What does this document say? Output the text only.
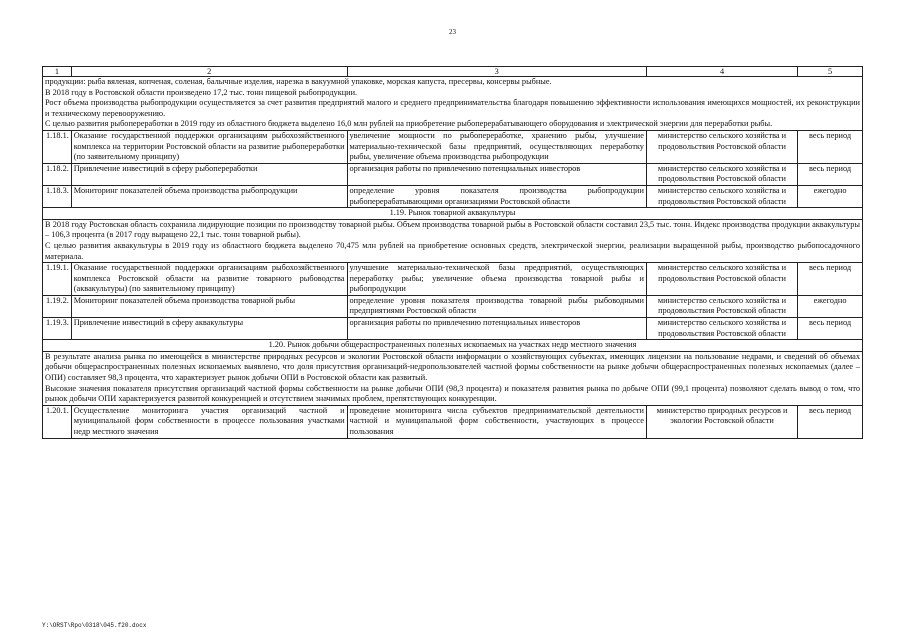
23
1	2	3	4	5

продукции: рыба вяленая, копченая, соленая, балычные изделия, нарезка в вакуумной упаковке, морская капуста, пресервы, консервы рыбные.

В 2018 году в Ростовской области произведено 17,2 тыс. тонн пищевой рыбопродукции.

Рост объема производства рыбопродукции осуществляется за счет развития предприятий малого и среднего предпринимательства благодаря повышению эффективности использования имеющихся мощностей, их реконструкции и техническому перевооружению.

С целью развития рыбопереработки в 2019 году из областного бюджета выделено 16,0 млн рублей на приобретение рыбоперерабатывающего оборудования и электрической энергии для переработки рыбы.				

1.18.1.	Оказание государственной поддержки организациям рыбохозяйственного комплекса на территории Ростовской области на развитие рыбопереработки (по заявительному принципу)	увеличение мощности по рыбопереработке, хранению рыбы, улучшение материально-технической базы предприятий, осуществляющих переработку рыбы, увеличение объема производства рыбопродукции	министерство сельского хозяйства и продовольствия Ростовской области	весь период
1.18.2.	Привлечение инвестиций в сферу рыбопереработки	организация работы по привлечению потенциальных инвесторов	министерство сельского хозяйства и продовольствия Ростовской области	весь период
1.18.3.	Мониторинг показателей объема производства рыбопродукции	определение уровня показателя производства рыбопродукции рыбоперерабатывающими организациями Ростовской области	министерство сельского хозяйства и продовольствия Ростовской области	ежегодно
1.19. Рынок товарной аквакультуры				

В 2018 году Ростовская область сохранила лидирующие позиции по производству товарной рыбы. Объем производства товарной рыбы в Ростовской области составил 23,5 тыс. тонн. Индекс производства продукции аквакультуры – 106,3 процента (в 2017 году выращено 22,1 тыс. тонн товарной рыбы).

С целью развития аквакультуры в 2019 году из областного бюджета выделено 70,475 млн рублей на приобретение основных средств, электрической энергии, реализации выращенной рыбы, производство рыбопосадочного материала.				

1.19.1.	Оказание государственной поддержки организациям рыбохозяйственного комплекса Ростовской области на развитие товарного рыбоводства (аквакультуры) (по заявительному принципу)	улучшение материально-технической базы предприятий, осуществляющих переработку рыбы; увеличение объема производства товарной рыбы и рыбопродукции	министерство сельского хозяйства и продовольствия Ростовской области	весь период
1.19.2.	Мониторинг показателей объема производства товарной рыбы	определение уровня показателя производства товарной рыбы рыбоводными предприятиями Ростовской области	министерство сельского хозяйства и продовольствия Ростовской области	ежегодно
1.19.3.	Привлечение инвестиций в сферу аквакультуры	организация работы по привлечению потенциальных инвесторов	министерство сельского хозяйства и продовольствия Ростовской области	весь период
1.20. Рынок добычи общераспространенных полезных ископаемых на участках недр местного значения				

В результате анализа рынка по имеющейся в министерстве природных ресурсов и экологии Ростовской области информации о хозяйствующих субъектах, имеющих лицензии на пользование недрами, и сведений об объемах добычи общераспространенных полезных ископаемых выявлено, что доля присутствия организаций-недропользователей частной формы собственности на рынке добычи общераспространенных полезных ископаемых (далее – ОПИ) составляет 98,3 процента, что характеризует рынок добычи ОПИ в Ростовской области как развитый.

Высокие значения показателя присутствия организаций частной формы собственности на рынке добычи ОПИ (98,3 процента) и показателя развития рынка по добыче ОПИ (99,1 процента) позволяют сделать вывод о том, что рынок добычи ОПИ характеризуется развитой конкуренцией и отсутствием значимых проблем, препятствующих конкуренции.				

1.20.1.	Осуществление мониторинга участия организаций частной и муниципальной форм собственности в процессе пользования участками недр местного значения	проведение мониторинга числа субъектов предпринимательской деятельности частной и муниципальной форм собственности, участвующих в процессе пользования	министерство природных ресурсов и экологии Ростовской области	весь период
Y:\ORST\Rpo\0318\045.f20.docx
